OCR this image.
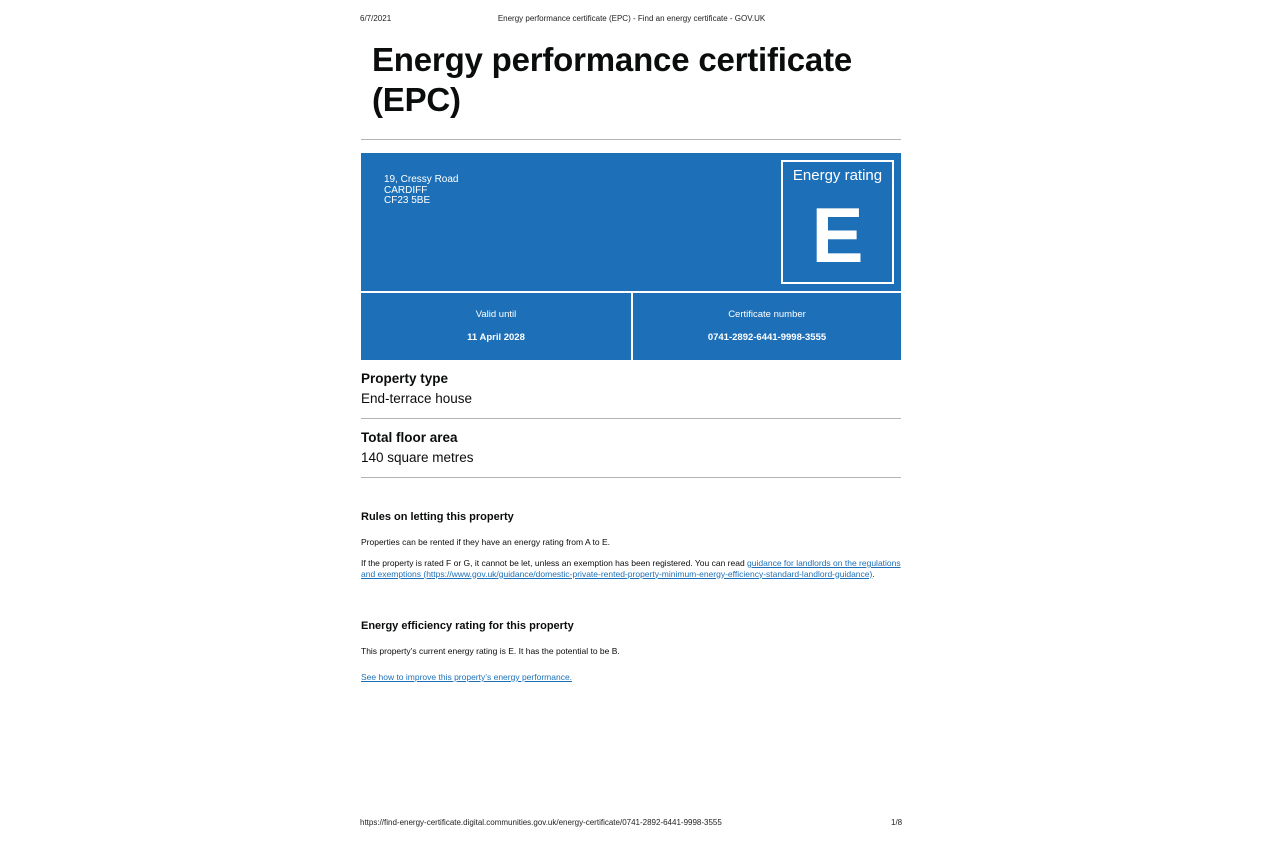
6/7/2021	Energy performance certificate (EPC) - Find an energy certificate - GOV.UK
Energy performance certificate (EPC)
19, Cressy Road
CARDIFF
CF23 5BE
Energy rating
E
Valid until
11 April 2028
Certificate number
0741-2892-6441-9998-3555
Property type
End-terrace house
Total floor area
140 square metres
Rules on letting this property
Properties can be rented if they have an energy rating from A to E.
If the property is rated F or G, it cannot be let, unless an exemption has been registered. You can read guidance for landlords on the regulations and exemptions (https://www.gov.uk/guidance/domestic-private-rented-property-minimum-energy-efficiency-standard-landlord-guidance).
Energy efficiency rating for this property
This property’s current energy rating is E. It has the potential to be B.
See how to improve this property’s energy performance.
https://find-energy-certificate.digital.communities.gov.uk/energy-certificate/0741-2892-6441-9998-3555	1/8
